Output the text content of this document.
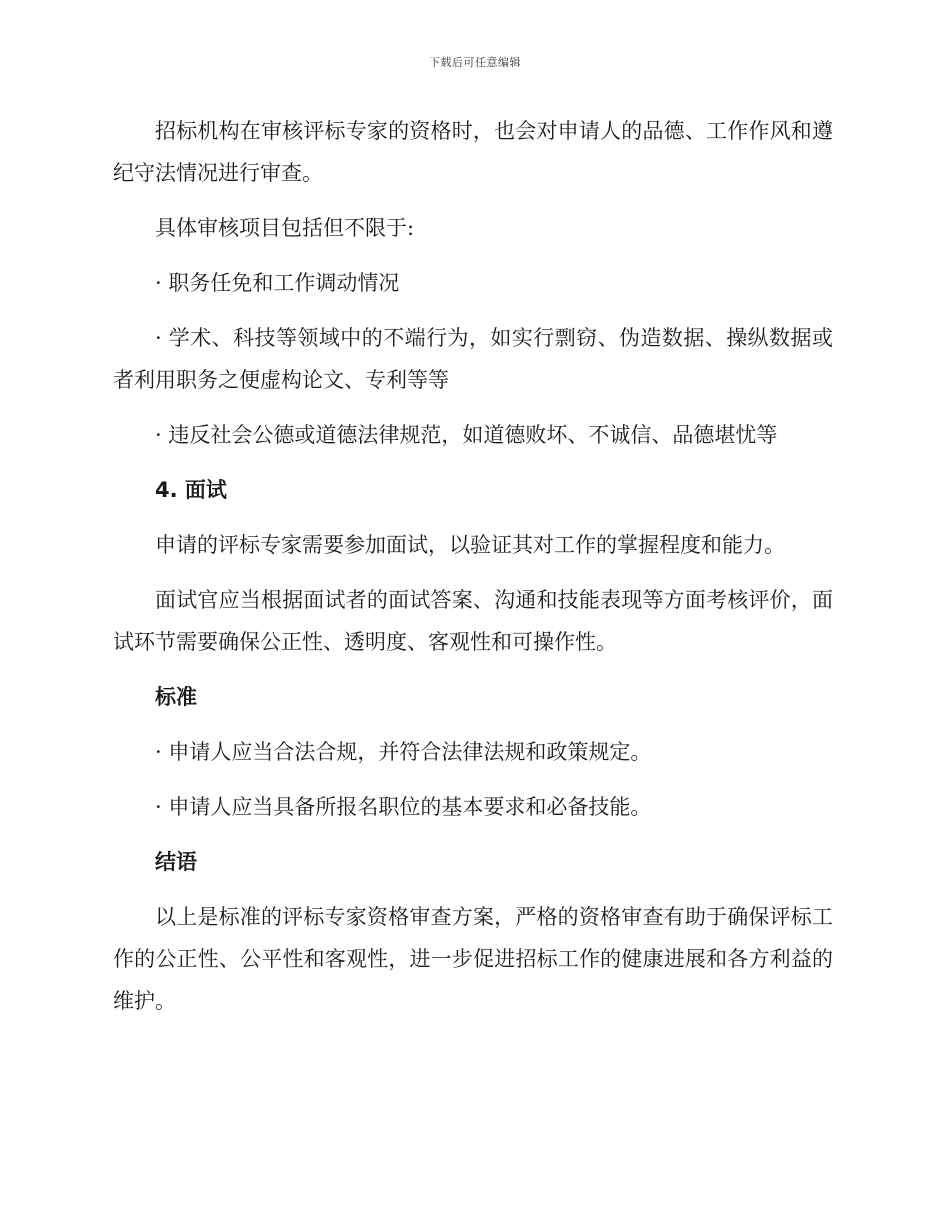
下载后可任意编辑

招标机构在审核评标专家的资格时，也会对申请人的品德、工作作风和遵纪守法情况进行审查。

具体审核项目包括但不限于:

· 职务任免和工作调动情况

· 学术、科技等领域中的不端行为，如实行剽窃、伪造数据、操纵数据或者利用职务之便虚构论文、专利等等

· 违反社会公德或道德法律规范，如道德败坏、不诚信、品德堪忧等

4. 面试

申请的评标专家需要参加面试，以验证其对工作的掌握程度和能力。

面试官应当根据面试者的面试答案、沟通和技能表现等方面考核评价，面试环节需要确保公正性、透明度、客观性和可操作性。

标准

· 申请人应当合法合规，并符合法律法规和政策规定。

· 申请人应当具备所报名职位的基本要求和必备技能。

结语

以上是标准的评标专家资格审查方案，严格的资格审查有助于确保评标工作的公正性、公平性和客观性，进一步促进招标工作的健康进展和各方利益的维护。
